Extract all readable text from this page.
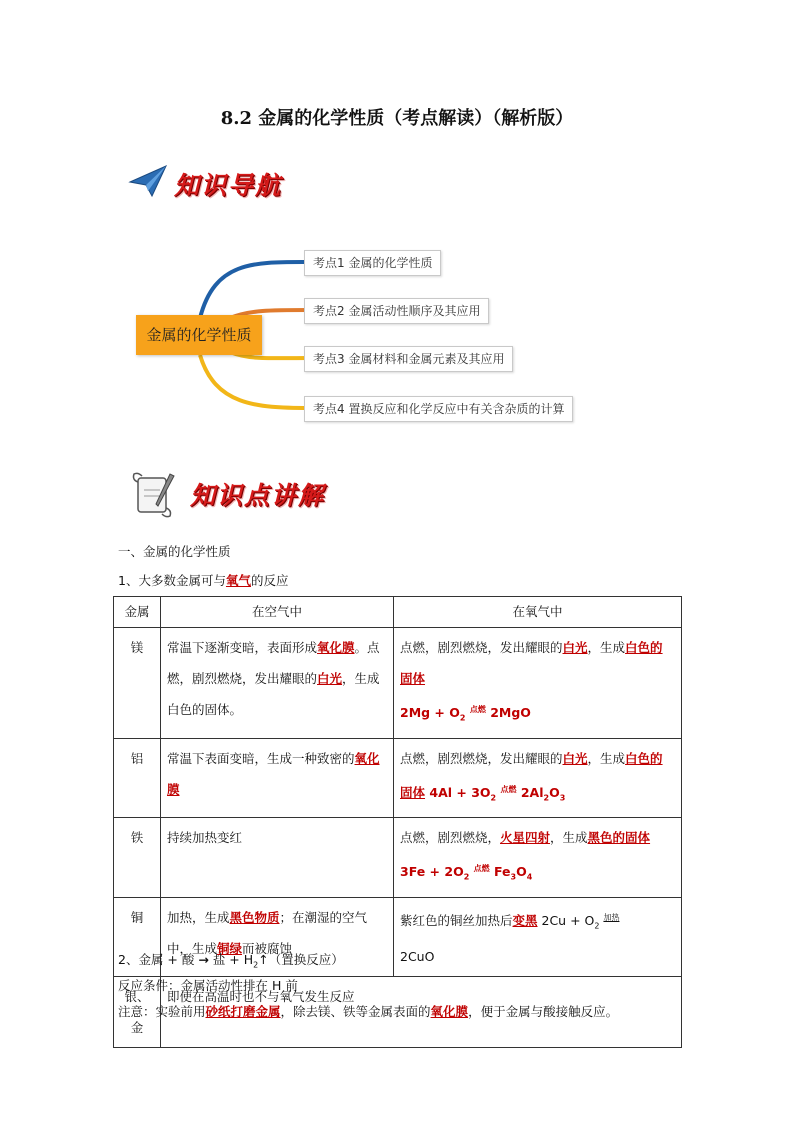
8.2 金属的化学性质（考点解读）（解析版）
知识导航
金属的化学性质
考点1 金属的化学性质
考点2 金属活动性顺序及其应用
考点3 金属材料和金属元素及其应用
考点4 置换反应和化学反应中有关含杂质的计算
知识点讲解
一、金属的化学性质
1、大多数金属可与氧气的反应
金属	在空气中	在氧气中
镁	常温下逐渐变暗，表面形成氧化膜。点燃，剧烈燃烧，发出耀眼的白光，生成白色的固体。	点燃，剧烈燃烧，发出耀眼的白光，生成白色的固体
$2Mg + O_2$ $^{点燃}$ 2MgO
铝	常温下表面变暗，生成一种致密的氧化膜	点燃，剧烈燃烧，发出耀眼的白光，生成白色的固体 $4Al + 3O_2$ $^{点燃}$ $2Al_2O_3$
铁	持续加热变红	点燃，剧烈燃烧，火星四射，生成黑色的固体
$3Fe + 2O_2$ $^{点燃}$ $Fe_3O_4$
铜	加热，生成黑色物质；在潮湿的空气中，生成铜绿而被腐蚀	紫红色的铜丝加热后变黑 $2Cu + O_2$ $^{加热}$
2CuO
银、金	即使在高温时也不与氧气发生反应	
2、金属 + 酸 → 盐 + $H_2↑$（置换反应）
反应条件：金属活动性排在 H 前
注意：实验前用砂纸打磨金属，除去镁、铁等金属表面的氧化膜，便于金属与酸接触反应。
